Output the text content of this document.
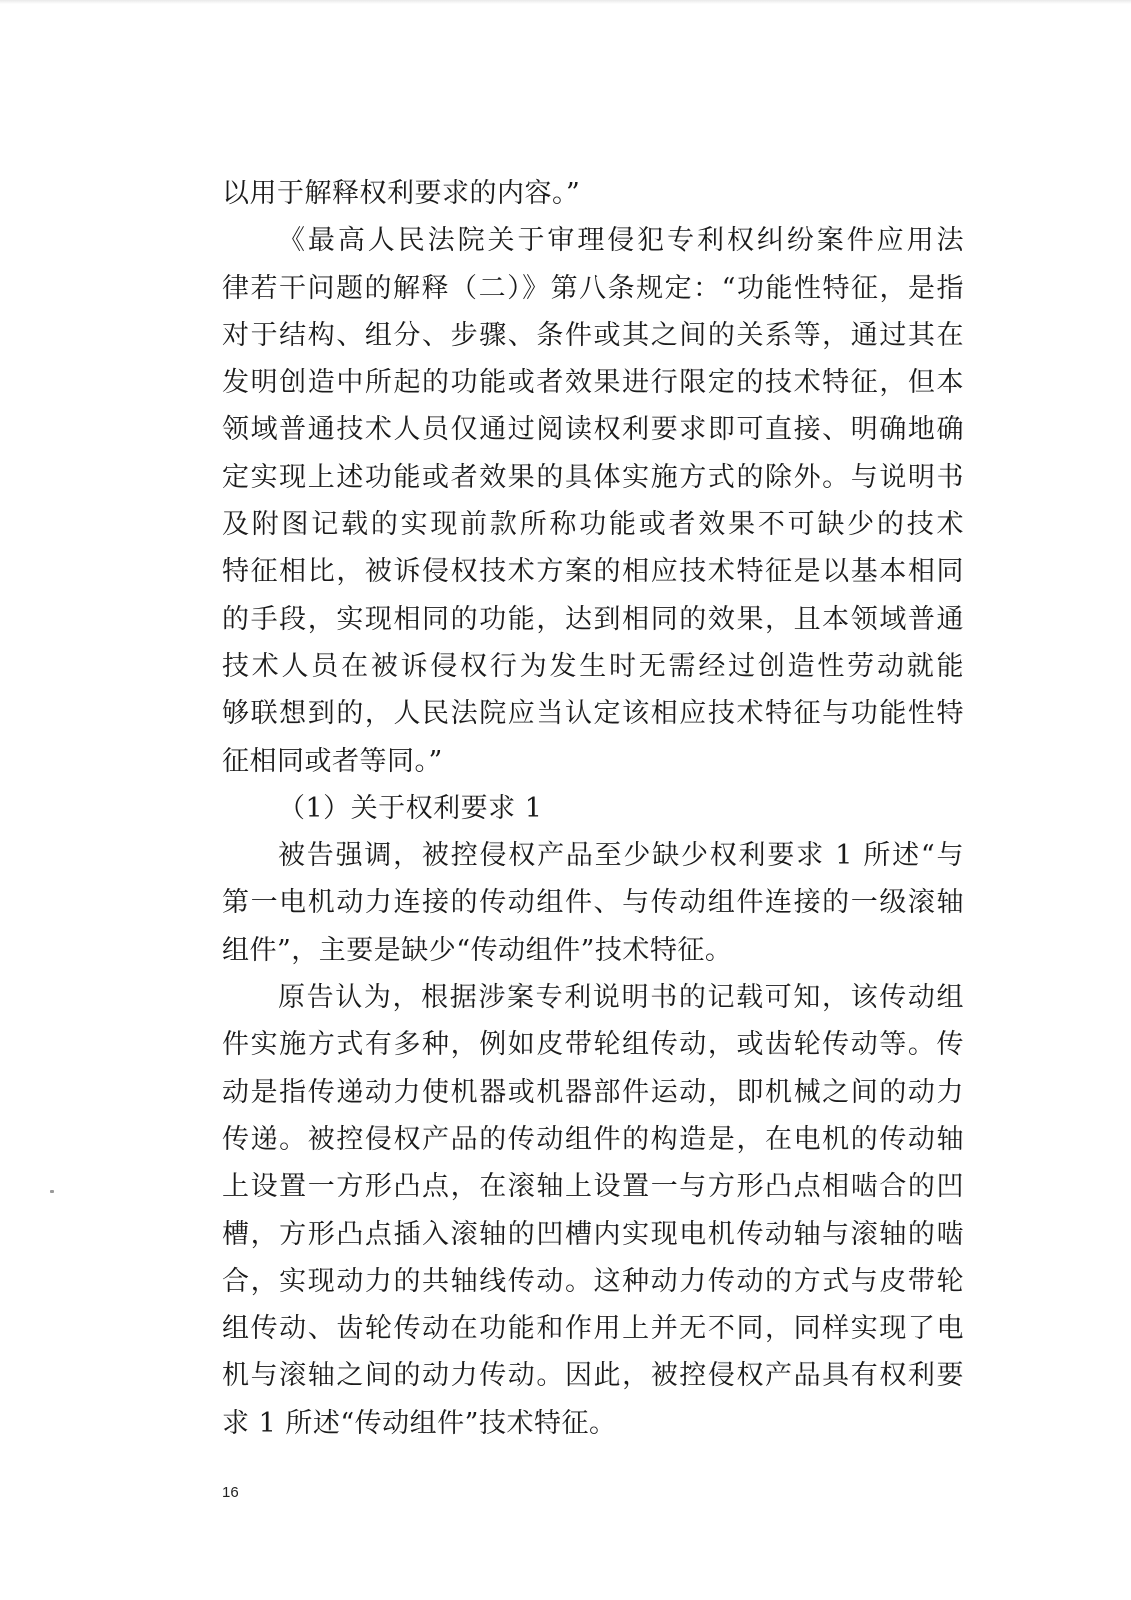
以用于解释权利要求的内容。”
《最高人民法院关于审理侵犯专利权纠纷案件应用法
律若干问题的解释（二）》第八条规定：“功能性特征，是指
对于结构、组分、步骤、条件或其之间的关系等，通过其在
发明创造中所起的功能或者效果进行限定的技术特征，但本
领域普通技术人员仅通过阅读权利要求即可直接、明确地确
定实现上述功能或者效果的具体实施方式的除外。与说明书
及附图记载的实现前款所称功能或者效果不可缺少的技术
特征相比，被诉侵权技术方案的相应技术特征是以基本相同
的手段，实现相同的功能，达到相同的效果，且本领域普通
技术人员在被诉侵权行为发生时无需经过创造性劳动就能
够联想到的，人民法院应当认定该相应技术特征与功能性特
征相同或者等同。”
（1）关于权利要求 1
被告强调，被控侵权产品至少缺少权利要求 1 所述“与
第一电机动力连接的传动组件、与传动组件连接的一级滚轴
组件”，主要是缺少“传动组件”技术特征。
原告认为，根据涉案专利说明书的记载可知，该传动组
件实施方式有多种，例如皮带轮组传动，或齿轮传动等。传
动是指传递动力使机器或机器部件运动，即机械之间的动力
传递。被控侵权产品的传动组件的构造是，在电机的传动轴
上设置一方形凸点，在滚轴上设置一与方形凸点相啮合的凹
槽，方形凸点插入滚轴的凹槽内实现电机传动轴与滚轴的啮
合，实现动力的共轴线传动。这种动力传动的方式与皮带轮
组传动、齿轮传动在功能和作用上并无不同，同样实现了电
机与滚轴之间的动力传动。因此，被控侵权产品具有权利要
求 1 所述“传动组件”技术特征。
16
